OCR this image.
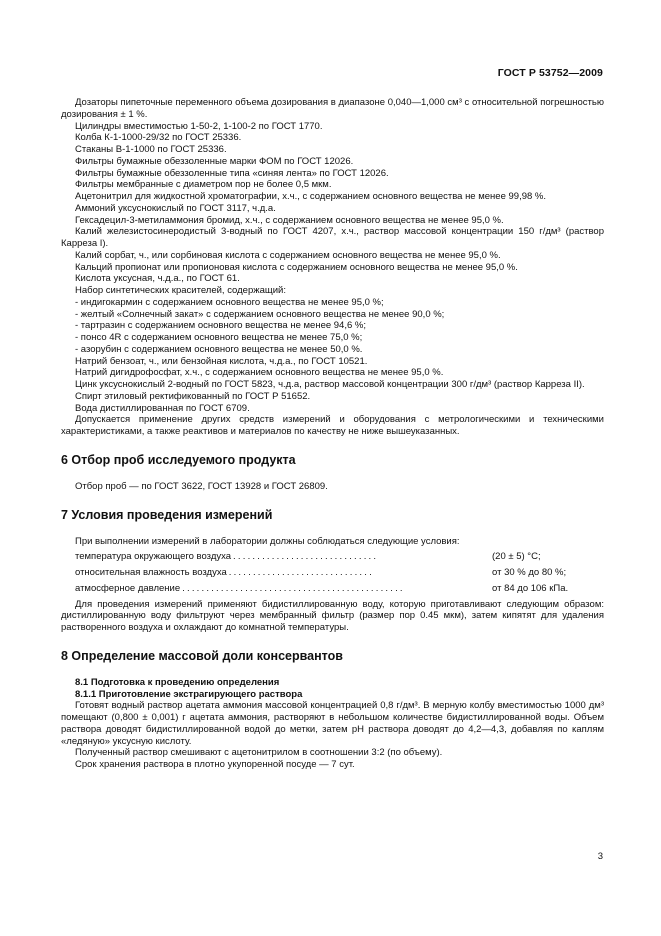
ГОСТ Р 53752—2009

Дозаторы пипеточные переменного объема дозирования в диапазоне 0,040—1,000 см³ с относительной погрешностью дозирования ± 1 %.

Цилиндры вместимостью 1-50-2, 1-100-2 по ГОСТ 1770.

Колба К-1-1000-29/32 по ГОСТ 25336.

Стаканы В-1-1000 по ГОСТ 25336.

Фильтры бумажные обеззоленные марки ФОМ по ГОСТ 12026.

Фильтры бумажные обеззоленные типа «синяя лента» по ГОСТ 12026.

Фильтры мембранные с диаметром пор не более 0,5 мкм.

Ацетонитрил для жидкостной хроматографии, х.ч., с содержанием основного вещества не менее 99,98 %.

Аммоний уксуснокислый по ГОСТ 3117, ч.д.а.

Гексадецил-3-метиламмония бромид, х.ч., с содержанием основного вещества не менее 95,0 %.

Калий железистосинеродистый 3-водный по ГОСТ 4207, х.ч., раствор массовой концентрации 150 г/дм³ (раствор Карреза I).

Калий сорбат, ч., или сорбиновая кислота с содержанием основного вещества не менее 95,0 %.

Кальций пропионат или пропионовая кислота с содержанием основного вещества не менее 95,0 %.

Кислота уксусная, ч.д.а., по ГОСТ 61.

Набор синтетических красителей, содержащий:

- индигокармин с содержанием основного вещества не менее 95,0 %;

- желтый «Солнечный закат» с содержанием основного вещества не менее 90,0 %;

- тартразин с содержанием основного вещества не менее 94,6 %;

- понсо 4R с содержанием основного вещества не менее 75,0 %;

- азорубин с содержанием основного вещества не менее 50,0 %.

Натрий бензоат, ч., или бензойная кислота, ч.д.а., по ГОСТ 10521.

Натрий дигидрофосфат, х.ч., с содержанием основного вещества не менее 95,0 %.

Цинк уксуснокислый 2-водный по ГОСТ 5823, ч.д.а, раствор массовой концентрации 300 г/дм³ (раствор Карреза II).

Спирт этиловый ректификованный по ГОСТ Р 51652.

Вода дистиллированная по ГОСТ 6709.

Допускается применение других средств измерений и оборудования с метрологическими и техническими характеристиками, а также реактивов и материалов по качеству не ниже вышеуказанных.

6 Отбор проб исследуемого продукта

Отбор проб — по ГОСТ 3622, ГОСТ 13928 и ГОСТ 26809.

7 Условия проведения измерений

При выполнении измерений в лаборатории должны соблюдаться следующие условия:

температура окружающего воздуха ..............................	(20 ± 5) °С;
относительная влажность воздуха ..............................	от 30 % до 80 %;
атмосферное давление ..............................................	от 84 до 106 кПа.

Для проведения измерений применяют бидистиллированную воду, которую приготавливают следующим образом: дистиллированную воду фильтруют через мембранный фильтр (размер пор 0.45 мкм), затем кипятят для удаления растворенного воздуха и охлаждают до комнатной температуры.

8 Определение массовой доли консервантов

8.1 Подготовка к проведению определения

8.1.1 Приготовление экстрагирующего раствора

Готовят водный раствор ацетата аммония массовой концентрацией 0,8 г/дм³. В мерную колбу вместимостью 1000 дм³ помещают (0,800 ± 0,001) г ацетата аммония, растворяют в небольшом количестве бидистиллированной воды. Объем раствора доводят бидистиллированной водой до метки, затем рН раствора доводят до 4,2—4,3, добавляя по каплям «ледяную» уксусную кислоту.

Полученный раствор смешивают с ацетонитрилом в соотношении 3:2 (по объему).

Срок хранения раствора в плотно укупоренной посуде — 7 сут.

3
